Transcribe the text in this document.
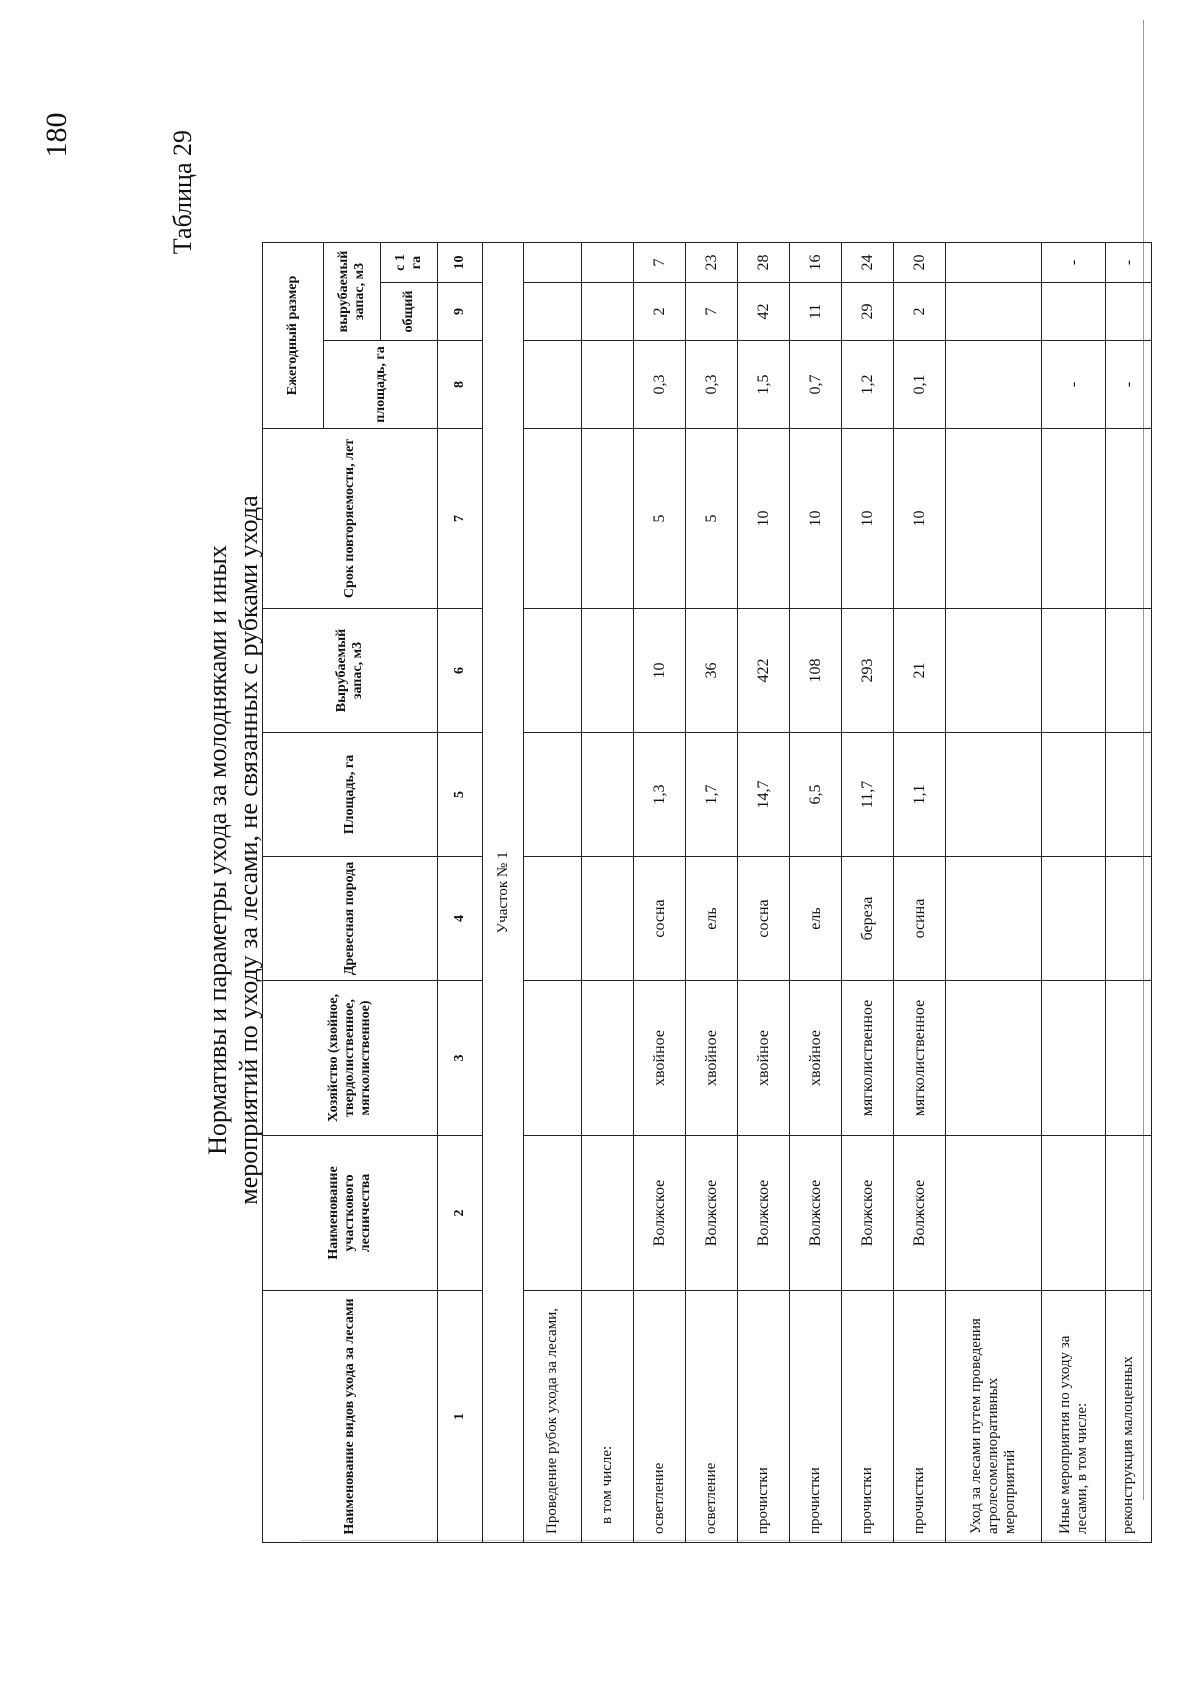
180	Таблица 29
Нормативы и параметры ухода за молодняками и иных мероприятий по уходу за лесами, не связанных с рубками ухода
Наименование видов ухода за лесами	Наименование участкового лесничества	Хозяйство (хвойное, твердолиственное, мягколиственное)	Древесная порода	Площадь, га	Вырубаемый запас, м3	Срок повторяемости, лет	Ежегодный размер		
							площадь, га	вырубаемый запас, м3	
								общий	с 1 га
1	2	3	4	5	6	7	8	9	10
Участок № 1									
Проведение рубок ухода за лесами,									
в том числе:									
осветление	Волжское	хвойное	сосна	1,3	10	5	0,3	2	7
осветление	Волжское	хвойное	ель	1,7	36	5	0,3	7	23
прочистки	Волжское	хвойное	сосна	14,7	422	10	1,5	42	28
прочистки	Волжское	хвойное	ель	6,5	108	10	0,7	11	16
прочистки	Волжское	мягколиственное	береза	11,7	293	10	1,2	29	24
прочистки	Волжское	мягколиственное	осина	1,1	21	10	0,1	2	20
Уход за лесами путем проведения агролесомелиоративных мероприятий									
Иные мероприятия по уходу за лесами, в том числе:							-		-
реконструкция малоценных							-		-
